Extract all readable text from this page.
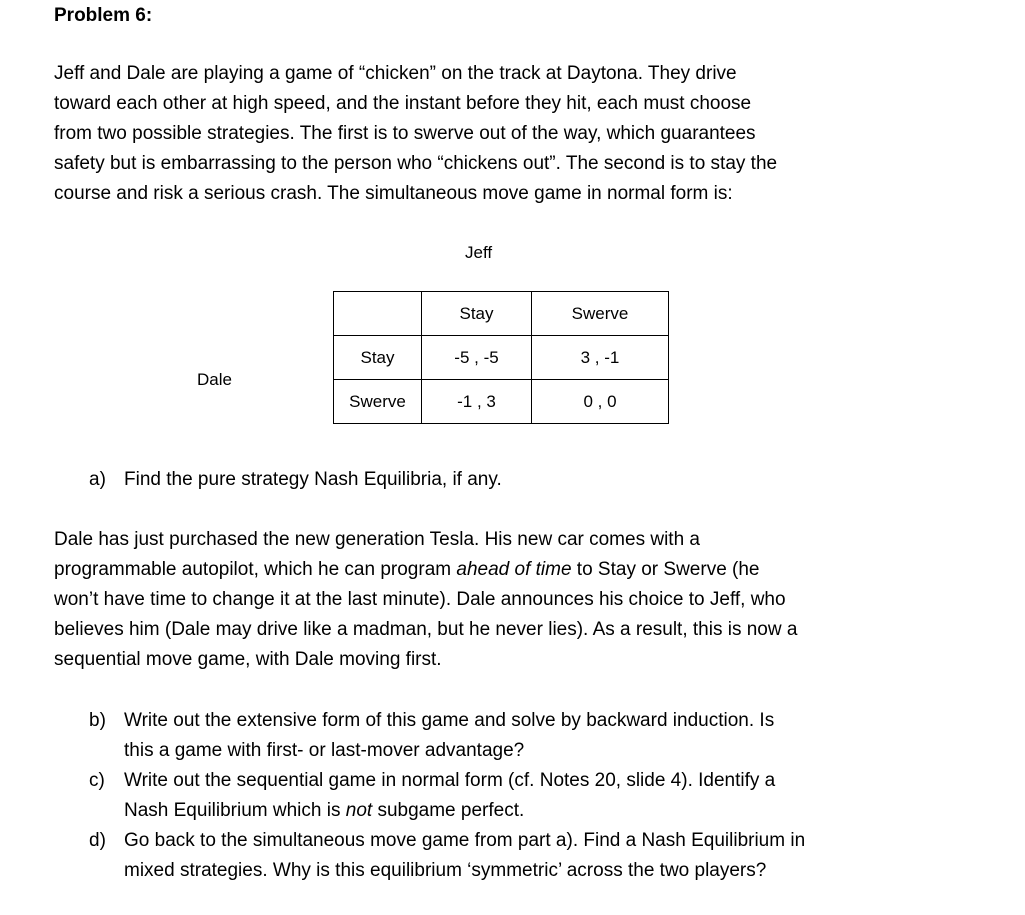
Problem 6:

Jeff and Dale are playing a game of “chicken” on the track at Daytona. They drive
toward each other at high speed, and the instant before they hit, each must choose
from two possible strategies. The first is to swerve out of the way, which guarantees
safety but is embarrassing to the person who “chickens out”. The second is to stay the
course and risk a serious crash. The simultaneous move game in normal form is:

Jeff
Dale
	Stay	Swerve
Stay	-5 , -5	3 , -1
Swerve	-1 , 3	0 , 0
a) Find the pure strategy Nash Equilibria, if any.

Dale has just purchased the new generation Tesla. His new car comes with a
programmable autopilot, which he can program ahead of time to Stay or Swerve (he
won’t have time to change it at the last minute). Dale announces his choice to Jeff, who
believes him (Dale may drive like a madman, but he never lies). As a result, this is now a
sequential move game, with Dale moving first.

b) Write out the extensive form of this game and solve by backward induction. Is
this a game with first- or last-mover advantage?
c) Write out the sequential game in normal form (cf. Notes 20, slide 4). Identify a
Nash Equilibrium which is not subgame perfect.
d) Go back to the simultaneous move game from part a). Find a Nash Equilibrium in
mixed strategies. Why is this equilibrium ‘symmetric’ across the two players?
